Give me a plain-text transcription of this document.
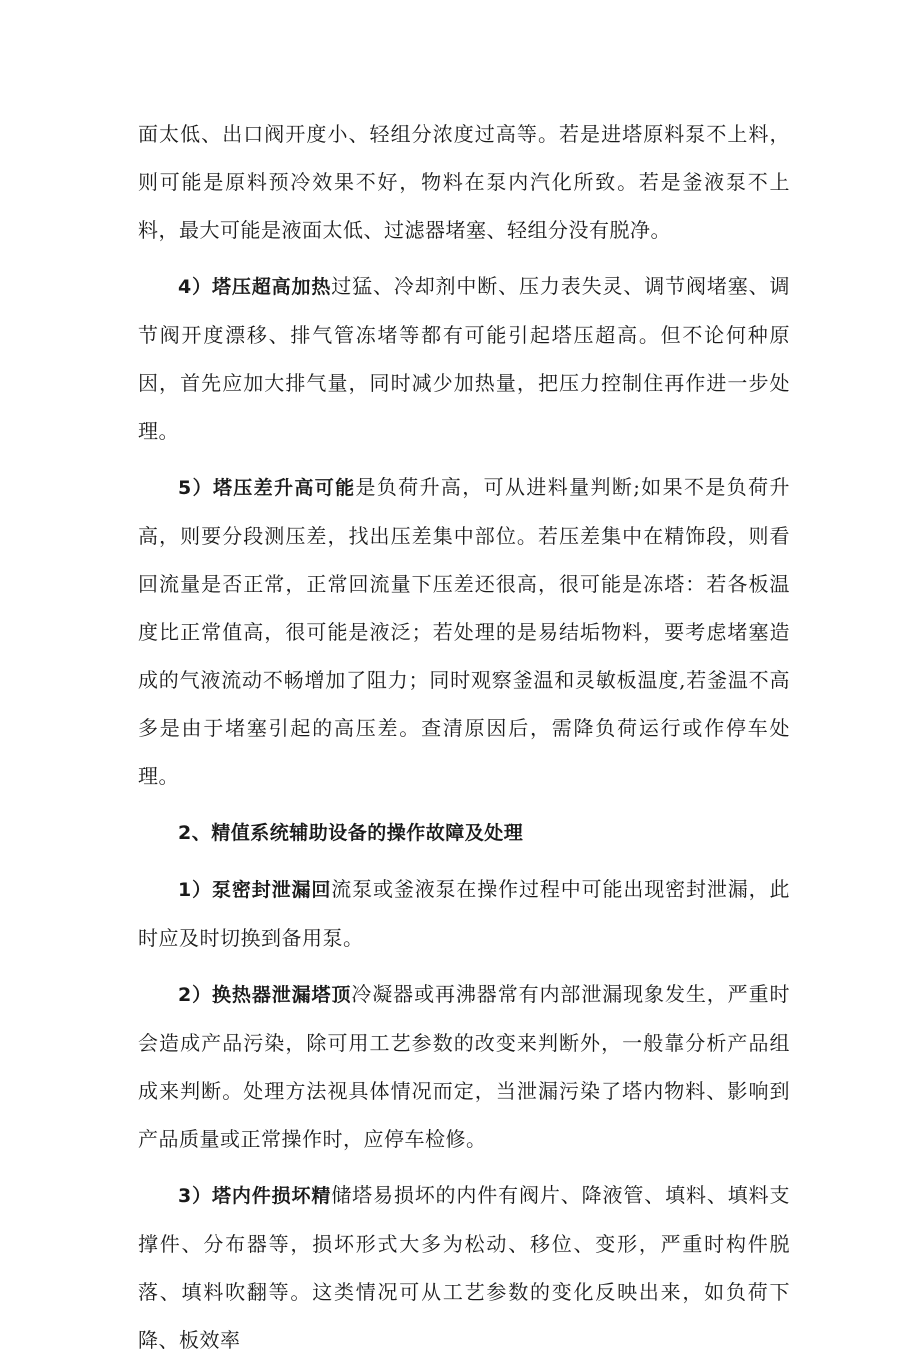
面太低、出口阀开度小、轻组分浓度过高等。若是进塔原料泵不上料，则可能是原料预冷效果不好，物料在泵内汽化所致。若是釜液泵不上料，最大可能是液面太低、过滤器堵塞、轻组分没有脱净。

4）塔压超高加热过猛、冷却剂中断、压力表失灵、调节阀堵塞、调节阀开度漂移、排气管冻堵等都有可能引起塔压超高。但不论何种原因，首先应加大排气量，同时减少加热量，把压力控制住再作进一步处理。

5）塔压差升高可能是负荷升高，可从进料量判断;如果不是负荷升高，则要分段测压差，找出压差集中部位。若压差集中在精饰段，则看回流量是否正常，正常回流量下压差还很高，很可能是冻塔：若各板温度比正常值高，很可能是液泛；若处理的是易结垢物料，要考虑堵塞造成的气液流动不畅增加了阻力；同时观察釜温和灵敏板温度,若釜温不高多是由于堵塞引起的高压差。查清原因后，需降负荷运行或作停车处理。

2、精值系统辅助设备的操作故障及处理

1）泵密封泄漏回流泵或釜液泵在操作过程中可能出现密封泄漏，此时应及时切换到备用泵。

2）换热器泄漏塔顶冷凝器或再沸器常有内部泄漏现象发生，严重时会造成产品污染，除可用工艺参数的改变来判断外，一般靠分析产品组成来判断。处理方法视具体情况而定，当泄漏污染了塔内物料、影响到产品质量或正常操作时，应停车检修。

3）塔内件损坏精储塔易损坏的内件有阀片、降液管、填料、填料支撑件、分布器等，损坏形式大多为松动、移位、变形，严重时构件脱落、填料吹翻等。这类情况可从工艺参数的变化反映出来，如负荷下降、板效率
